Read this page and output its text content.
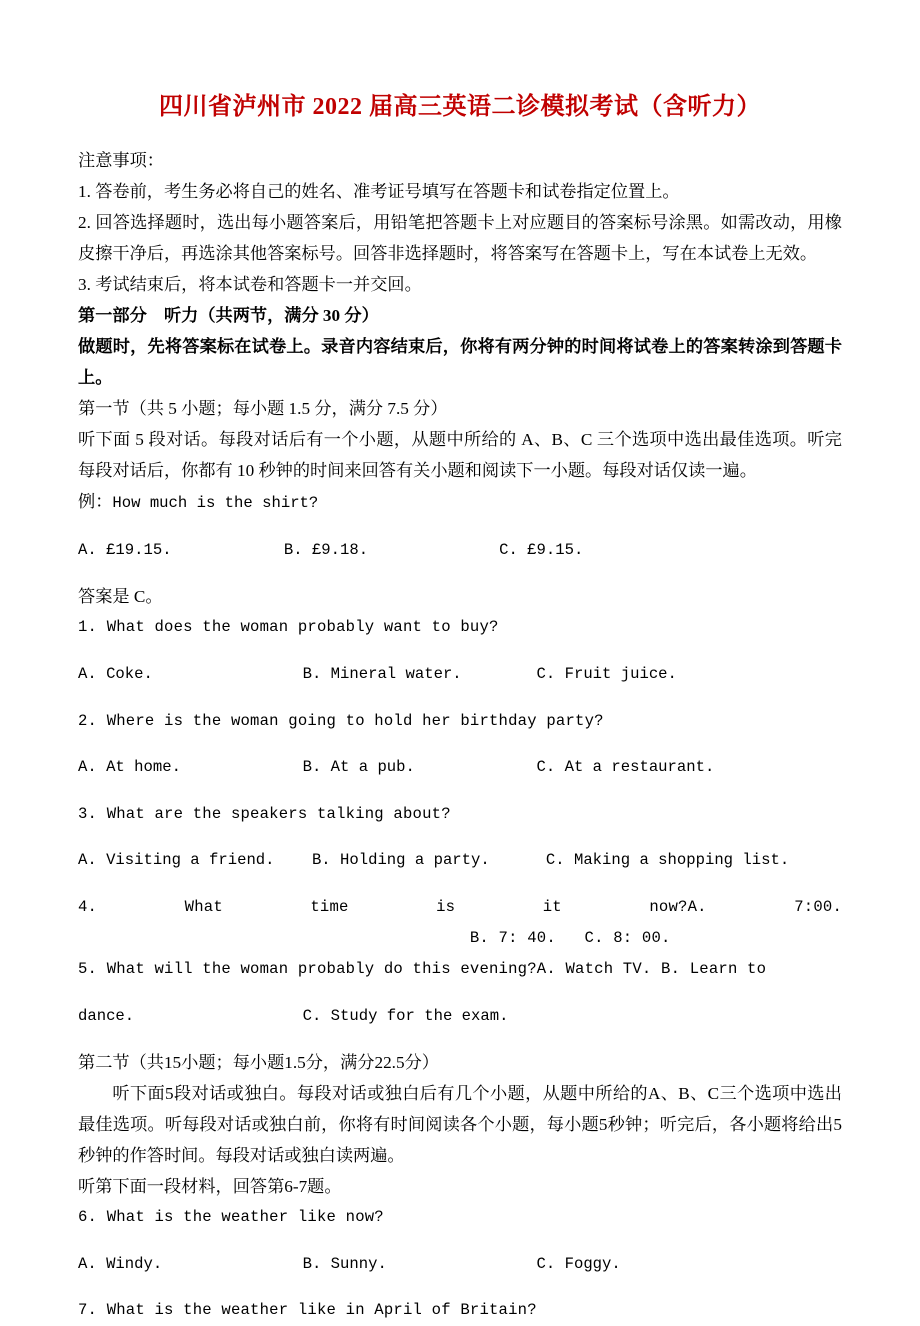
四川省泸州市 2022 届高三英语二诊模拟考试（含听力）

注意事项：

1. 答卷前，考生务必将自己的姓名、准考证号填写在答题卡和试卷指定位置上。

2. 回答选择题时，选出每小题答案后，用铅笔把答题卡上对应题目的答案标号涂黑。如需改动，用橡皮擦干净后，再选涂其他答案标号。回答非选择题时，将答案写在答题卡上，写在本试卷上无效。

3. 考试结束后，将本试卷和答题卡一并交回。

第一部分　听力（共两节，满分 30 分）

做题时，先将答案标在试卷上。录音内容结束后，你将有两分钟的时间将试卷上的答案转涂到答题卡上。

第一节（共 5 小题；每小题 1.5 分，满分 7.5 分）

听下面 5 段对话。每段对话后有一个小题，从题中所给的 A、B、C 三个选项中选出最佳选项。听完每段对话后，你都有 10 秒钟的时间来回答有关小题和阅读下一小题。每段对话仅读一遍。

例：How much is the shirt?

A. £19.15.            B. £9.18.              C. £9.15.

答案是 C。

1. What does the woman probably want to buy?

A. Coke.                B. Mineral water.        C. Fruit juice.

2. Where is the woman going to hold her birthday party?

A. At home.             B. At a pub.             C. At a restaurant.

3. What are the speakers talking about?

A. Visiting a friend.    B. Holding a party.      C. Making a shopping list.

4.	What time is it now?A. 7:00.                                         B. 7: 40.   C. 8: 00.

5. What will the woman probably do this evening?A. Watch TV. B. Learn to

dance.                  C. Study for the exam.

第二节（共15小题；每小题1.5分，满分22.5分）

听下面5段对话或独白。每段对话或独白后有几个小题，从题中所给的A、B、C三个选项中选出最佳选项。听每段对话或独白前，你将有时间阅读各个小题，每小题5秒钟；听完后，各小题将给出5秒钟的作答时间。每段对话或独白读两遍。

听第下面一段材料，回答第6-7题。

6. What is the weather like now?

A. Windy.               B. Sunny.                C. Foggy.

7. What is the weather like in April of Britain?
